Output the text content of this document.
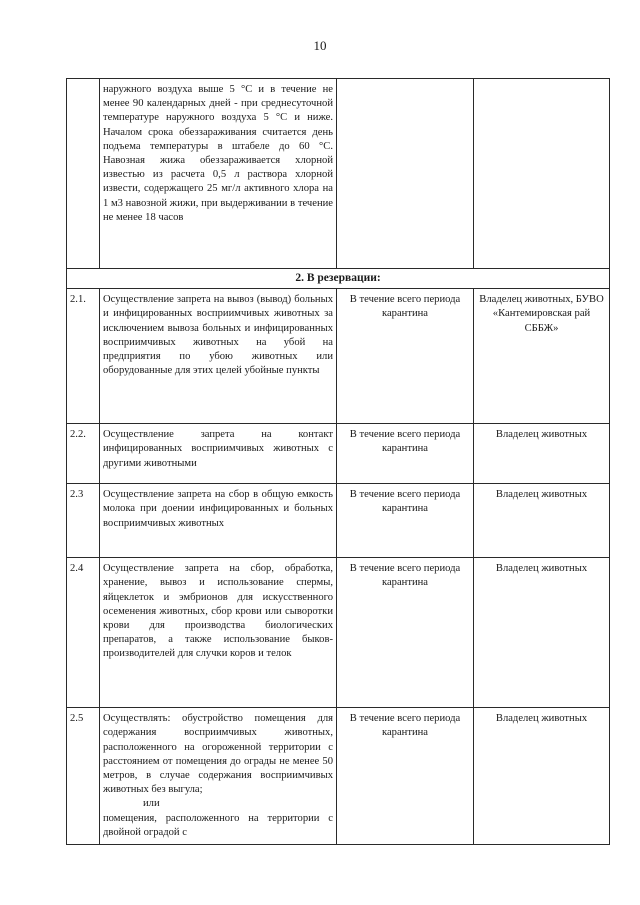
10
	наружного воздуха выше 5 °С и в течение не менее 90 календарных дней - при среднесуточной температуре наружного воздуха 5 °С и ниже. Началом срока обеззараживания считается день подъема температуры в штабеле до 60 °С. Навозная жижа обеззараживается хлорной известью из расчета 0,5 л раствора хлорной извести, содержащего 25 мг/л активного хлора на 1 м3 навозной жижи, при выдерживании в течение не менее 18 часов		

2. В резервации:			

2.1.	Осуществление запрета на вывоз (вывод) больных и инфицированных восприимчивых животных за исключением вывоза больных и инфицированных восприимчивых животных на убой на предприятия по убою животных или оборудованные для этих целей убойные пункты	В течение всего периода карантина	Владелец животных, БУВО «Кантемировская рай СББЖ»
2.2.	Осуществление запрета на контакт инфицированных восприимчивых животных с другими животными	В течение всего периода карантина	Владелец животных
2.3	Осуществление запрета на сбор в общую емкость молока при доении инфицированных и больных восприимчивых животных	В течение всего периода карантина	Владелец животных
2.4	Осуществление запрета на сбор, обработка, хранение, вывоз и использование спермы, яйцеклеток и эмбрионов для искусственного осеменения животных, сбор крови или сыворотки крови для производства биологических препаратов, а также использование быков-производителей для случки коров и телок	В течение всего периода карантина	Владелец животных
2.5	Осуществлять: обустройство помещения для содержания восприимчивых животных, расположенного на огороженной территории с расстоянием от помещения до ограды не менее 50 метров, в случае содержания восприимчивых животных без выгула;
или
помещения, расположенного на территории с двойной оградой с	В течение всего периода карантина	Владелец животных
